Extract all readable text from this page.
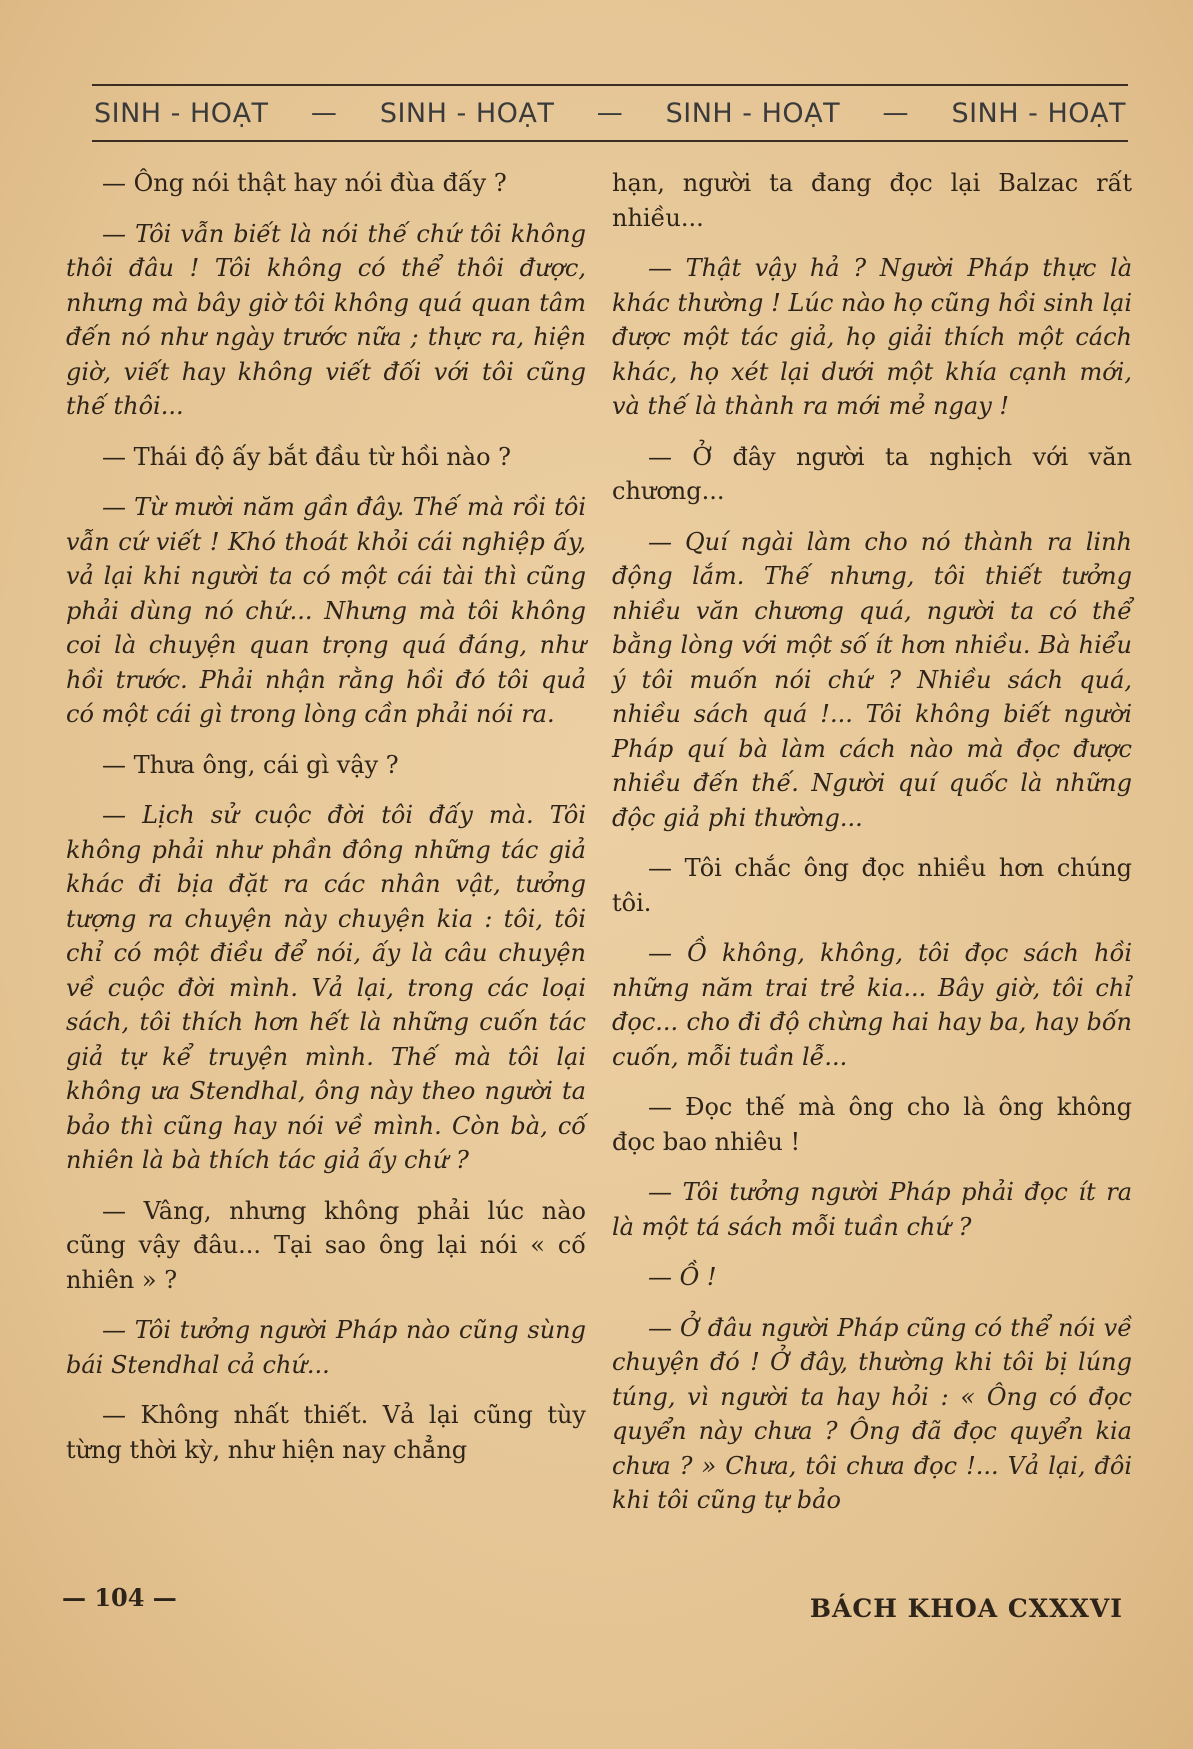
SINH - HOẠT — SINH - HOẠT — SINH - HOẠT — SINH - HOẠT

— Ông nói thật hay nói đùa đấy ?

— Tôi vẫn biết là nói thế chứ tôi không thôi đâu ! Tôi không có thể thôi được, nhưng mà bây giờ tôi không quá quan tâm đến nó như ngày trước nữa ; thực ra, hiện giờ, viết hay không viết đối với tôi cũng thế thôi...

— Thái độ ấy bắt đầu từ hồi nào ?

— Từ mười năm gần đây. Thế mà rồi tôi vẫn cứ viết ! Khó thoát khỏi cái nghiệp ấy, vả lại khi người ta có một cái tài thì cũng phải dùng nó chứ... Nhưng mà tôi không coi là chuyện quan trọng quá đáng, như hồi trước. Phải nhận rằng hồi đó tôi quả có một cái gì trong lòng cần phải nói ra.

— Thưa ông, cái gì vậy ?

— Lịch sử cuộc đời tôi đấy mà. Tôi không phải như phần đông những tác giả khác đi bịa đặt ra các nhân vật, tưởng tượng ra chuyện này chuyện kia : tôi, tôi chỉ có một điều để nói, ấy là câu chuyện về cuộc đời mình. Vả lại, trong các loại sách, tôi thích hơn hết là những cuốn tác giả tự kể truyện mình. Thế mà tôi lại không ưa Stendhal, ông này theo người ta bảo thì cũng hay nói về mình. Còn bà, cố nhiên là bà thích tác giả ấy chứ ?

— Vâng, nhưng không phải lúc nào cũng vậy đâu... Tại sao ông lại nói « cố nhiên » ?

— Tôi tưởng người Pháp nào cũng sùng bái Stendhal cả chứ...

— Không nhất thiết. Vả lại cũng tùy từng thời kỳ, như hiện nay chẳng

hạn, người ta đang đọc lại Balzac rất nhiều...

— Thật vậy hả ? Người Pháp thực là khác thường ! Lúc nào họ cũng hồi sinh lại được một tác giả, họ giải thích một cách khác, họ xét lại dưới một khía cạnh mới, và thế là thành ra mới mẻ ngay !

— Ở đây người ta nghịch với văn chương...

— Quí ngài làm cho nó thành ra linh động lắm. Thế nhưng, tôi thiết tưởng nhiều văn chương quá, người ta có thể bằng lòng với một số ít hơn nhiều. Bà hiểu ý tôi muốn nói chứ ? Nhiều sách quá, nhiều sách quá !... Tôi không biết người Pháp quí bà làm cách nào mà đọc được nhiều đến thế. Người quí quốc là những độc giả phi thường...

— Tôi chắc ông đọc nhiều hơn chúng tôi.

— Ồ không, không, tôi đọc sách hồi những năm trai trẻ kia... Bây giờ, tôi chỉ đọc... cho đi độ chừng hai hay ba, hay bốn cuốn, mỗi tuần lễ...

— Đọc thế mà ông cho là ông không đọc bao nhiêu !

— Tôi tưởng người Pháp phải đọc ít ra là một tá sách mỗi tuần chứ ?

— Ồ !

— Ở đâu người Pháp cũng có thể nói về chuyện đó ! Ở đây, thường khi tôi bị lúng túng, vì người ta hay hỏi : « Ông có đọc quyển này chưa ? Ông đã đọc quyển kia chưa ? » Chưa, tôi chưa đọc !... Vả lại, đôi khi tôi cũng tự bảo

— 104 —	BÁCH KHOA CXXXVI
